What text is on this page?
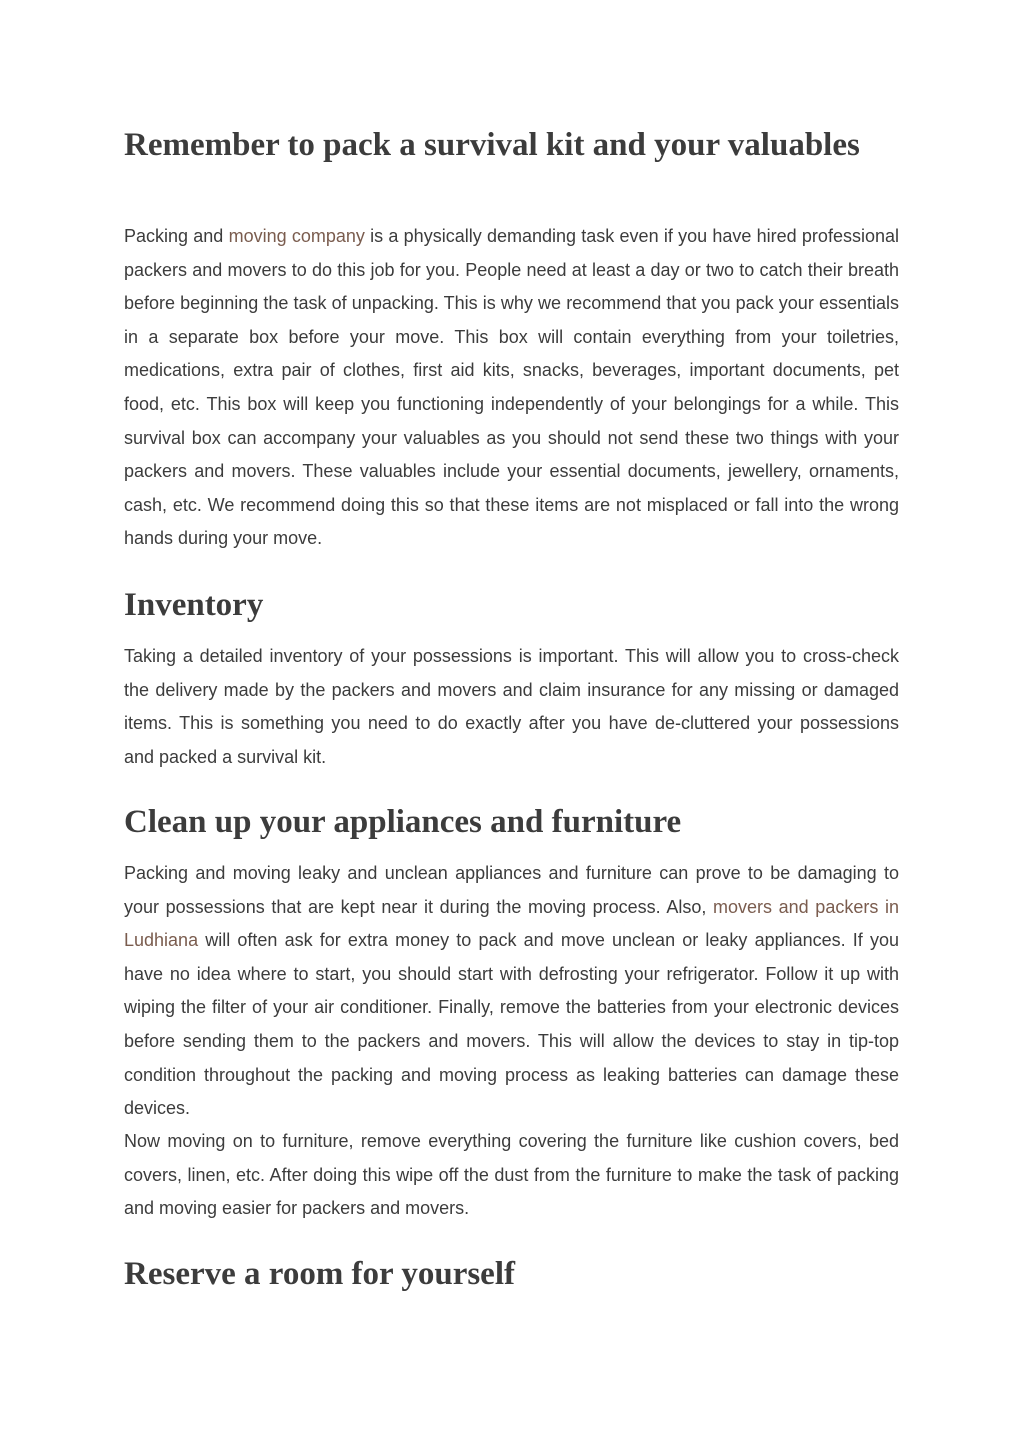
Remember to pack a survival kit and your valuables

Packing and moving company is a physically demanding task even if you have hired professional packers and movers to do this job for you. People need at least a day or two to catch their breath before beginning the task of unpacking. This is why we recommend that you pack your essentials in a separate box before your move. This box will contain everything from your toiletries, medications, extra pair of clothes, first aid kits, snacks, beverages, important documents, pet food, etc. This box will keep you functioning independently of your belongings for a while. This survival box can accompany your valuables as you should not send these two things with your packers and movers. These valuables include your essential documents, jewellery, ornaments, cash, etc. We recommend doing this so that these items are not misplaced or fall into the wrong hands during your move.

Inventory

Taking a detailed inventory of your possessions is important. This will allow you to cross-check the delivery made by the packers and movers and claim insurance for any missing or damaged items. This is something you need to do exactly after you have de-cluttered your possessions and packed a survival kit.

Clean up your appliances and furniture

Packing and moving leaky and unclean appliances and furniture can prove to be damaging to your possessions that are kept near it during the moving process. Also, movers and packers in Ludhiana will often ask for extra money to pack and move unclean or leaky appliances. If you have no idea where to start, you should start with defrosting your refrigerator. Follow it up with wiping the filter of your air conditioner. Finally, remove the batteries from your electronic devices before sending them to the packers and movers. This will allow the devices to stay in tip-top condition throughout the packing and moving process as leaking batteries can damage these devices.

Now moving on to furniture, remove everything covering the furniture like cushion covers, bed covers, linen, etc. After doing this wipe off the dust from the furniture to make the task of packing and moving easier for packers and movers.

Reserve a room for yourself
